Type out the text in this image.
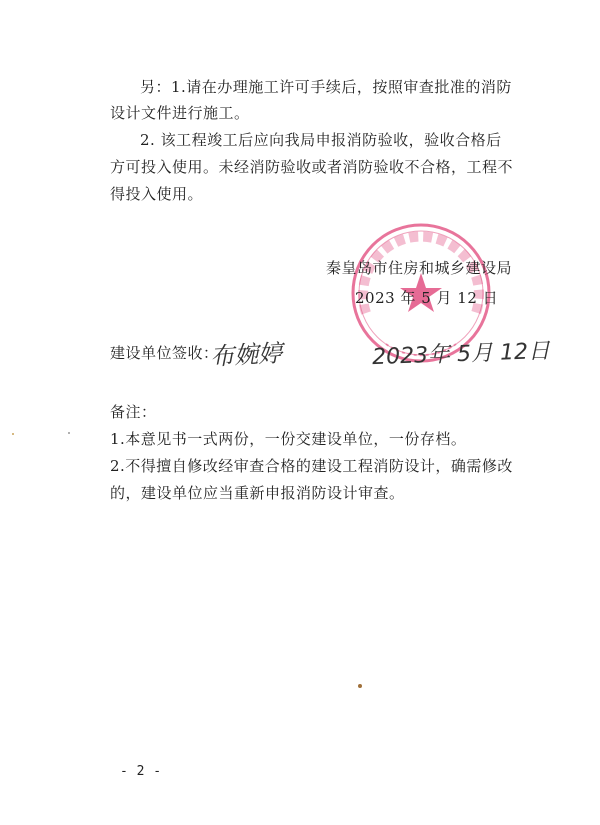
另：1.请在办理施工许可手续后，按照审查批准的消防
设计文件进行施工。
2. 该工程竣工后应向我局申报消防验收，验收合格后
方可投入使用。未经消防验收或者消防验收不合格，工程不
得投入使用。
秦皇岛市住房和城乡建设局
2023 年 5 月 12 日
建设单位签收：
布婉婷	2023年 5月 12日
备注：
1.本意见书一式两份，一份交建设单位，一份存档。
2.不得擅自修改经审查合格的建设工程消防设计，确需修改
的，建设单位应当重新申报消防设计审查。
- 2 -
